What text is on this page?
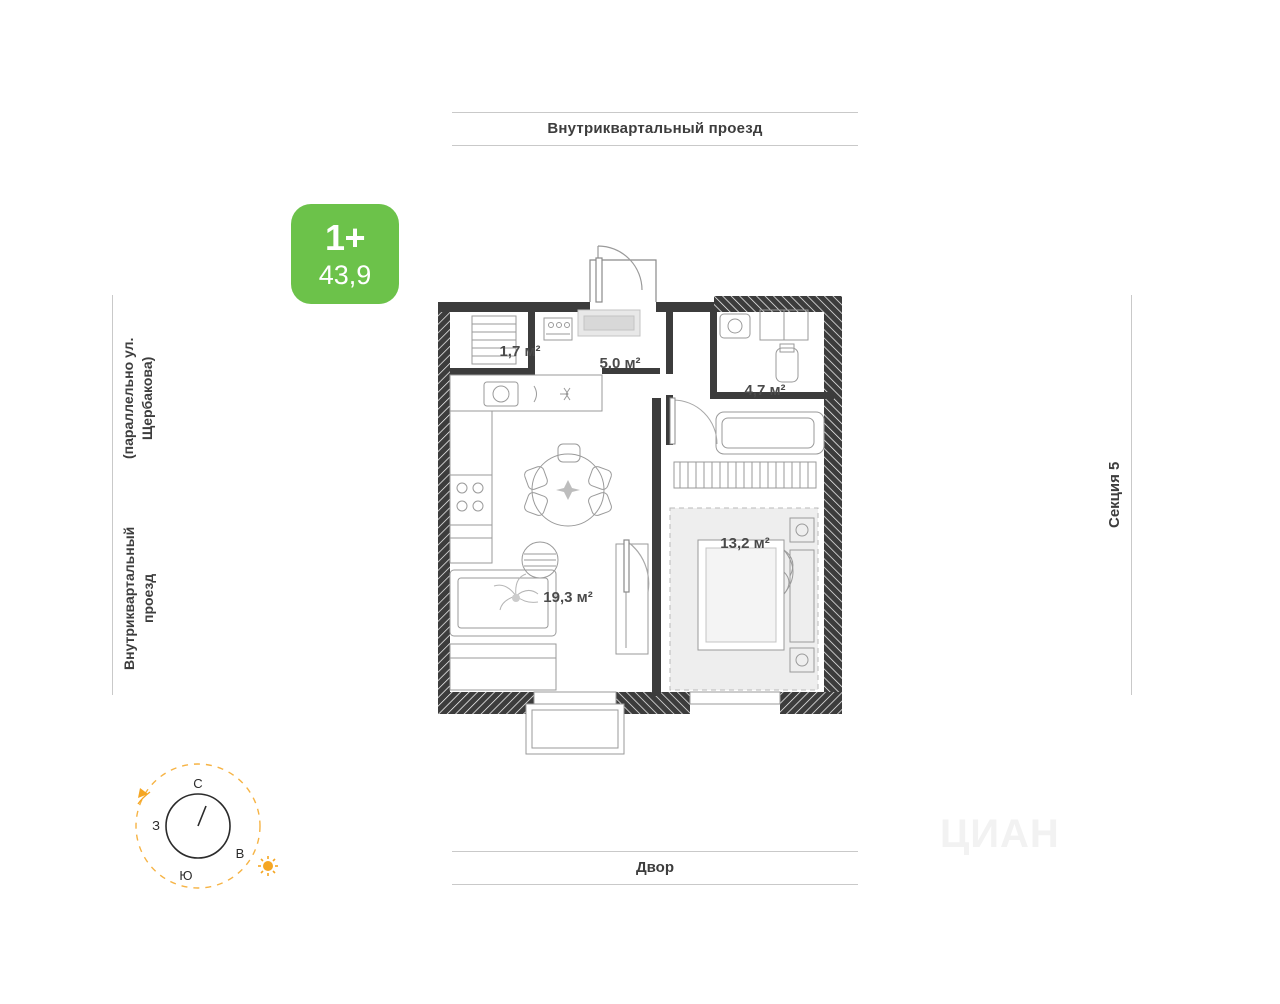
Внутриквартальный проезд
Внутриквартальный проезд
(параллельно ул. Щербакова)
Секция 5
1+
43,9
1,7 м²
5,0 м²
4,7 м²
13,2 м²
19,3 м²
С
Ю
З
В
Двор
ЦИАН
